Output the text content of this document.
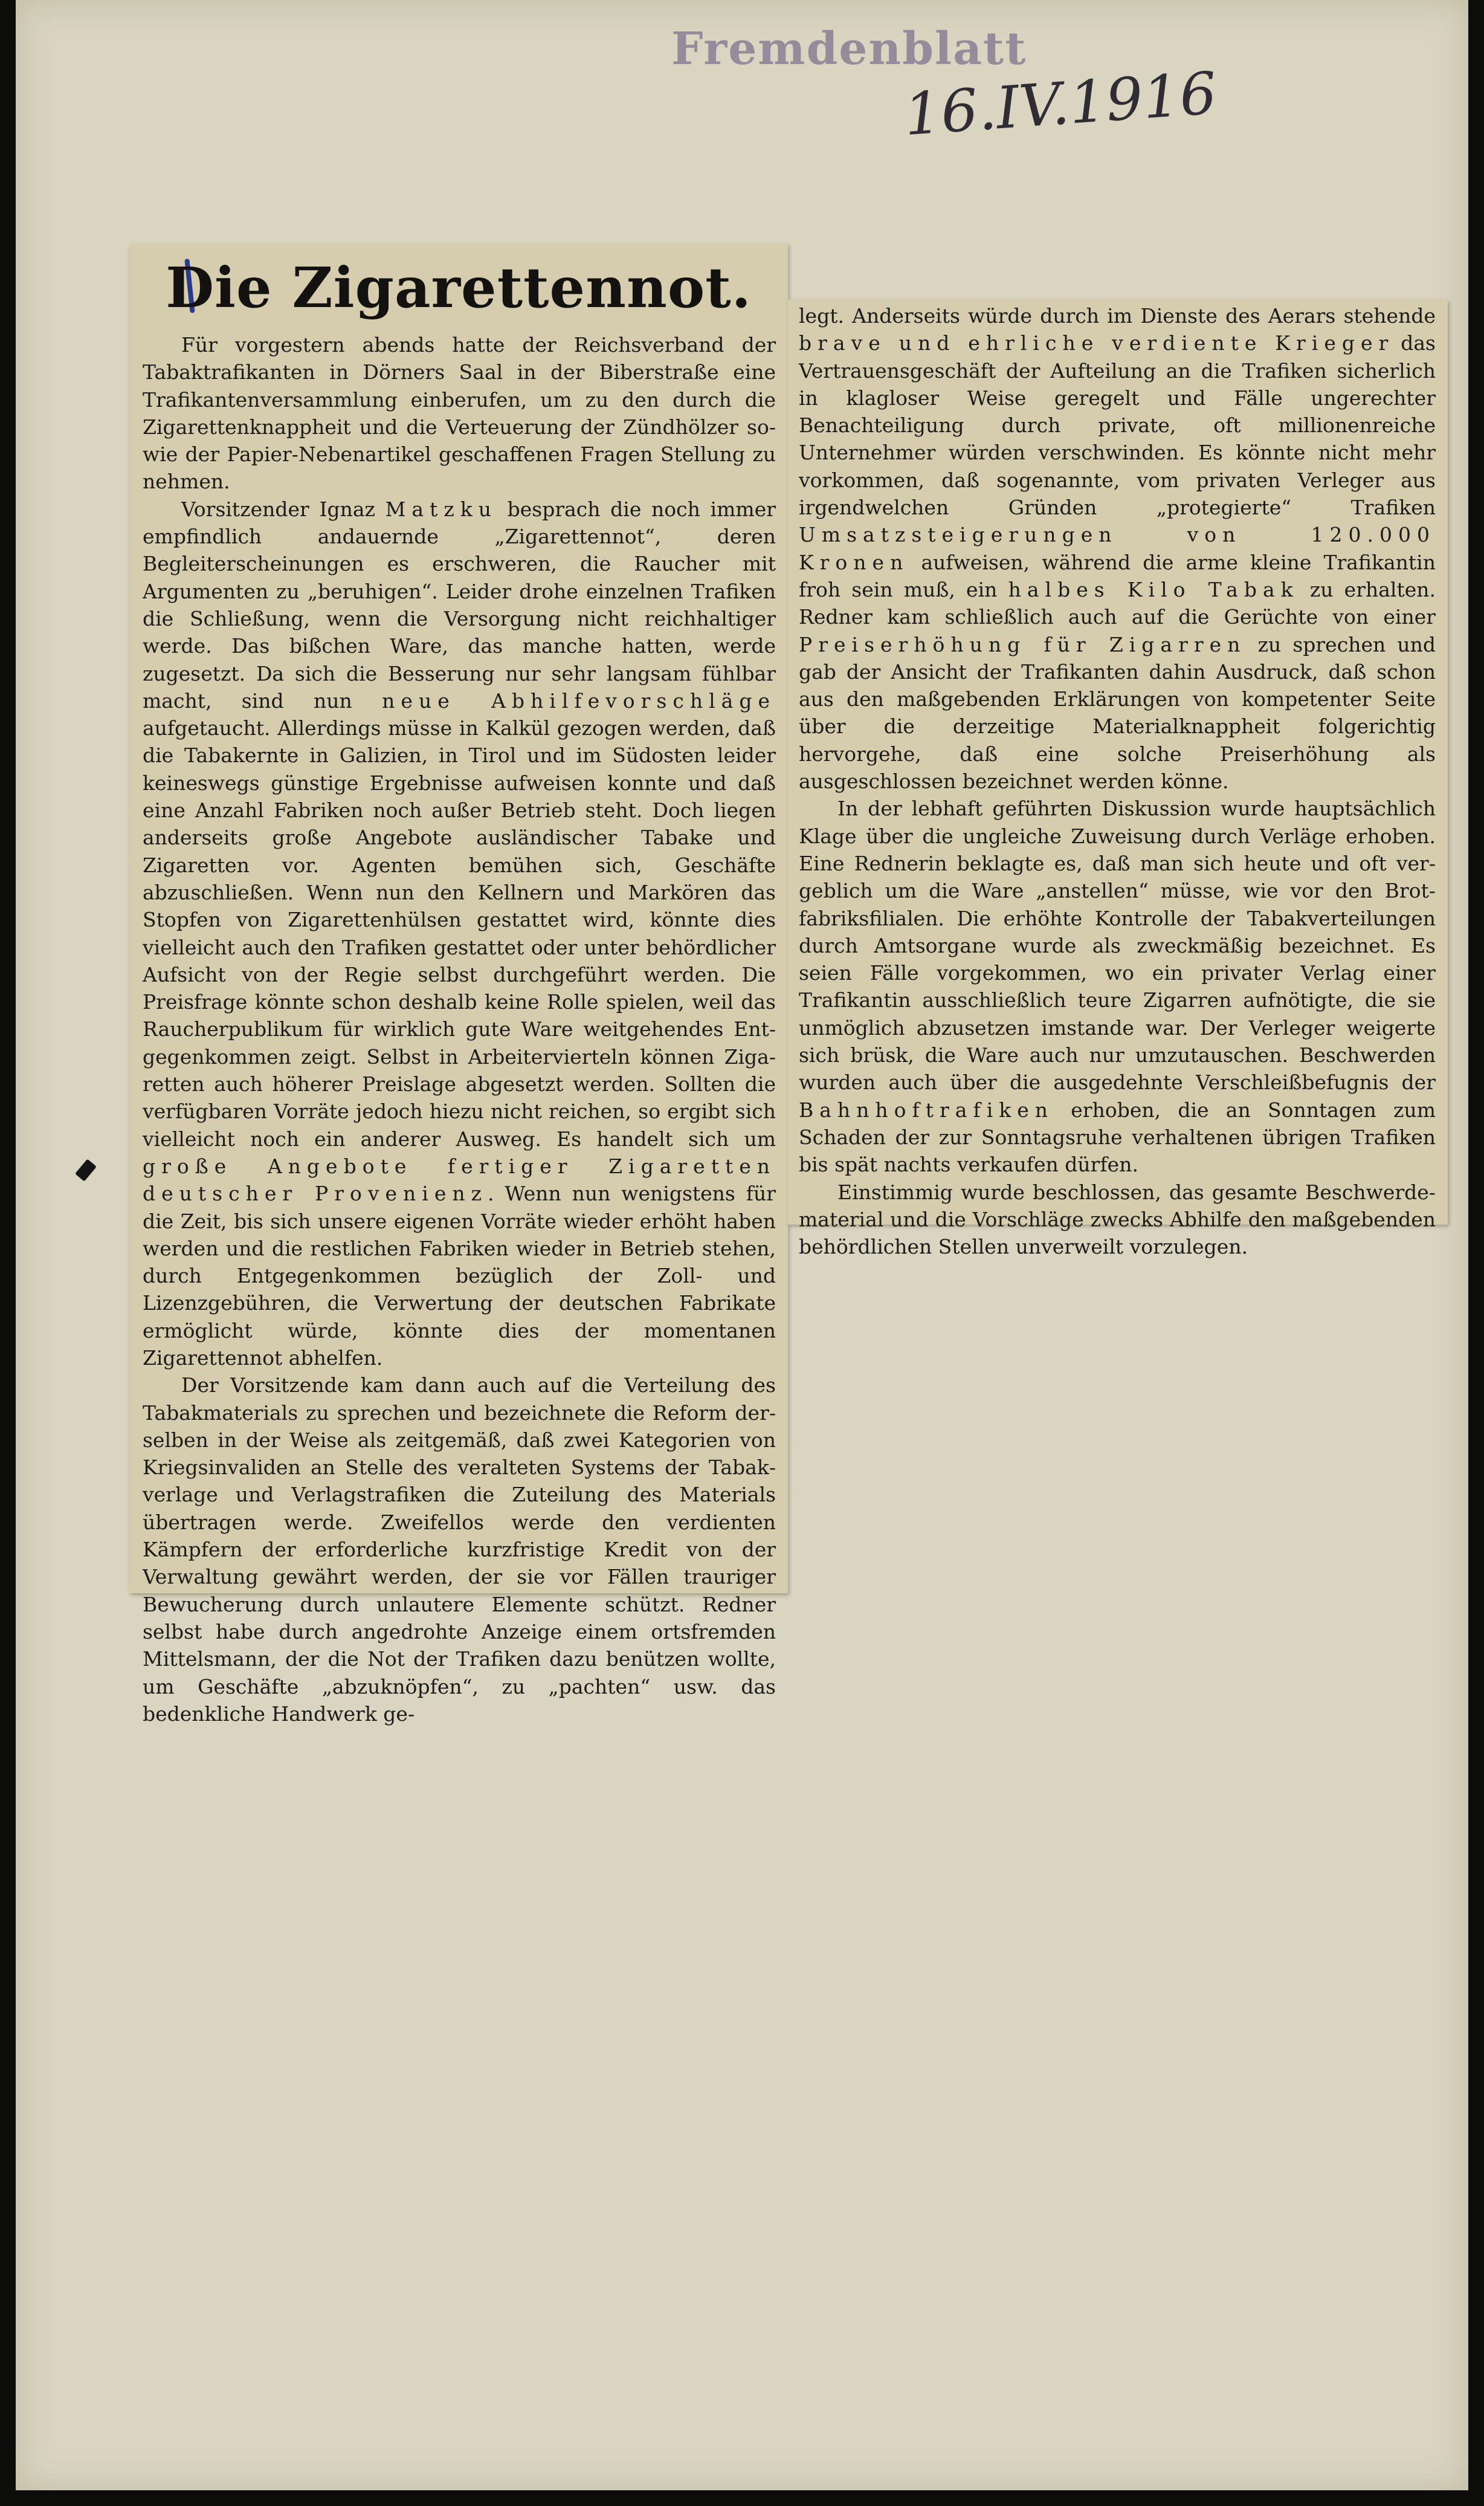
Fremdenblatt
16.IV.1916
Die Zigarettennot.

Für vorgestern abends hatte der Reichsverband der Tabaktrafikanten in Dörners Saal in der Biberstraße eine Trafikantenversammlung einberufen, um zu den durch die Zigarettenknappheit und die Verteuerung der Zündhölzer sowie der Papier-Nebenartikel geschaffenen Fragen Stellung zu nehmen.

Vorsitzender Ignaz Matzku besprach die noch immer empfindlich andauernde „Zigarettennot“, deren Begleiterscheinungen es erschweren, die Raucher mit Argumenten zu „beruhigen“. Leider drohe einzelnen Trafiken die Schließung, wenn die Versorgung nicht reichhaltiger werde. Das bißchen Ware, das manche hatten, werde zugesetzt. Da sich die Besserung nur sehr langsam fühlbar macht, sind nun neue Abhilfevorschläge aufgetaucht. Allerdings müsse in Kalkül gezogen werden, daß die Tabakernte in Galizien, in Tirol und im Südosten leider keineswegs günstige Ergebnisse aufweisen konnte und daß eine Anzahl Fabriken noch außer Betrieb steht. Doch liegen anderseits große Angebote ausländischer Tabake und Zigaretten vor. Agenten bemühen sich, Geschäfte abzuschließen. Wenn nun den Kellnern und Markören das Stopfen von Zigarettenhülsen gestattet wird, könnte dies vielleicht auch den Trafiken gestattet oder unter behördlicher Aufsicht von der Regie selbst durchgeführt werden. Die Preisfrage könnte schon deshalb keine Rolle spielen, weil das Raucherpublikum für wirklich gute Ware weitgehendes Entgegenkommen zeigt. Selbst in Arbeitervierteln können Zigaretten auch höherer Preislage abgesetzt werden. Sollten die verfügbaren Vorräte jedoch hiezu nicht reichen, so ergibt sich vielleicht noch ein anderer Ausweg. Es handelt sich um große Angebote fertiger Zigaretten deutscher Provenienz. Wenn nun wenigstens für die Zeit, bis sich unsere eigenen Vorräte wieder erhöht haben werden und die restlichen Fabriken wieder in Betrieb stehen, durch Entgegenkommen bezüglich der Zoll- und Lizenzgebühren, die Verwertung der deutschen Fabrikate ermöglicht würde, könnte dies der momentanen Zigarettennot abhelfen.

Der Vorsitzende kam dann auch auf die Verteilung des Tabakmaterials zu sprechen und bezeichnete die Reform derselben in der Weise als zeitgemäß, daß zwei Kategorien von Kriegsinvaliden an Stelle des veralteten Systems der Tabakverlage und Verlagstrafiken die Zuteilung des Materials übertragen werde. Zweifellos werde den verdienten Kämpfern der erforderliche kurzfristige Kredit von der Verwaltung gewährt werden, der sie vor Fällen trauriger Bewucherung durch unlautere Elemente schützt. Redner selbst habe durch angedrohte Anzeige einem ortsfremden Mittelsmann, der die Not der Trafiken dazu benützen wollte, um Geschäfte „abzuknöpfen“, zu „pachten“ usw. das bedenkliche Handwerk ge-

legt. Anderseits würde durch im Dienste des Aerars stehende brave und ehrliche verdiente Krieger das Vertrauensgeschäft der Aufteilung an die Trafiken sicherlich in klagloser Weise geregelt und Fälle ungerechter Benachteiligung durch private, oft millionenreiche Unternehmer würden verschwinden. Es könnte nicht mehr vorkommen, daß sogenannte, vom privaten Verleger aus irgendwelchen Gründen „protegierte“ Trafiken Umsatzsteigerungen von 120.000 Kronen aufweisen, während die arme kleine Trafikantin froh sein muß, ein halbes Kilo Tabak zu erhalten. Redner kam schließlich auch auf die Gerüchte von einer Preiserhöhung für Zigarren zu sprechen und gab der Ansicht der Trafikanten dahin Ausdruck, daß schon aus den maßgebenden Erklärungen von kompetenter Seite über die derzeitige Materialknappheit folgerichtig hervorgehe, daß eine solche Preiserhöhung als ausgeschlossen bezeichnet werden könne.

In der lebhaft geführten Diskussion wurde hauptsächlich Klage über die ungleiche Zuweisung durch Verläge erhoben. Eine Rednerin beklagte es, daß man sich heute und oft vergeblich um die Ware „anstellen“ müsse, wie vor den Brotfabriksfilialen. Die erhöhte Kontrolle der Tabakverteilungen durch Amtsorgane wurde als zweckmäßig bezeichnet. Es seien Fälle vorgekommen, wo ein privater Verlag einer Trafikantin ausschließlich teure Zigarren aufnötigte, die sie unmöglich abzusetzen imstande war. Der Verleger weigerte sich brüsk, die Ware auch nur umzutauschen. Beschwerden wurden auch über die ausgedehnte Verschleißbefugnis der Bahnhoftrafiken erhoben, die an Sonntagen zum Schaden der zur Sonntagsruhe verhaltenen übrigen Trafiken bis spät nachts verkaufen dürfen.

Einstimmig wurde beschlossen, das gesamte Beschwerdematerial und die Vorschläge zwecks Abhilfe den maßgebenden behördlichen Stellen unverweilt vorzulegen.
